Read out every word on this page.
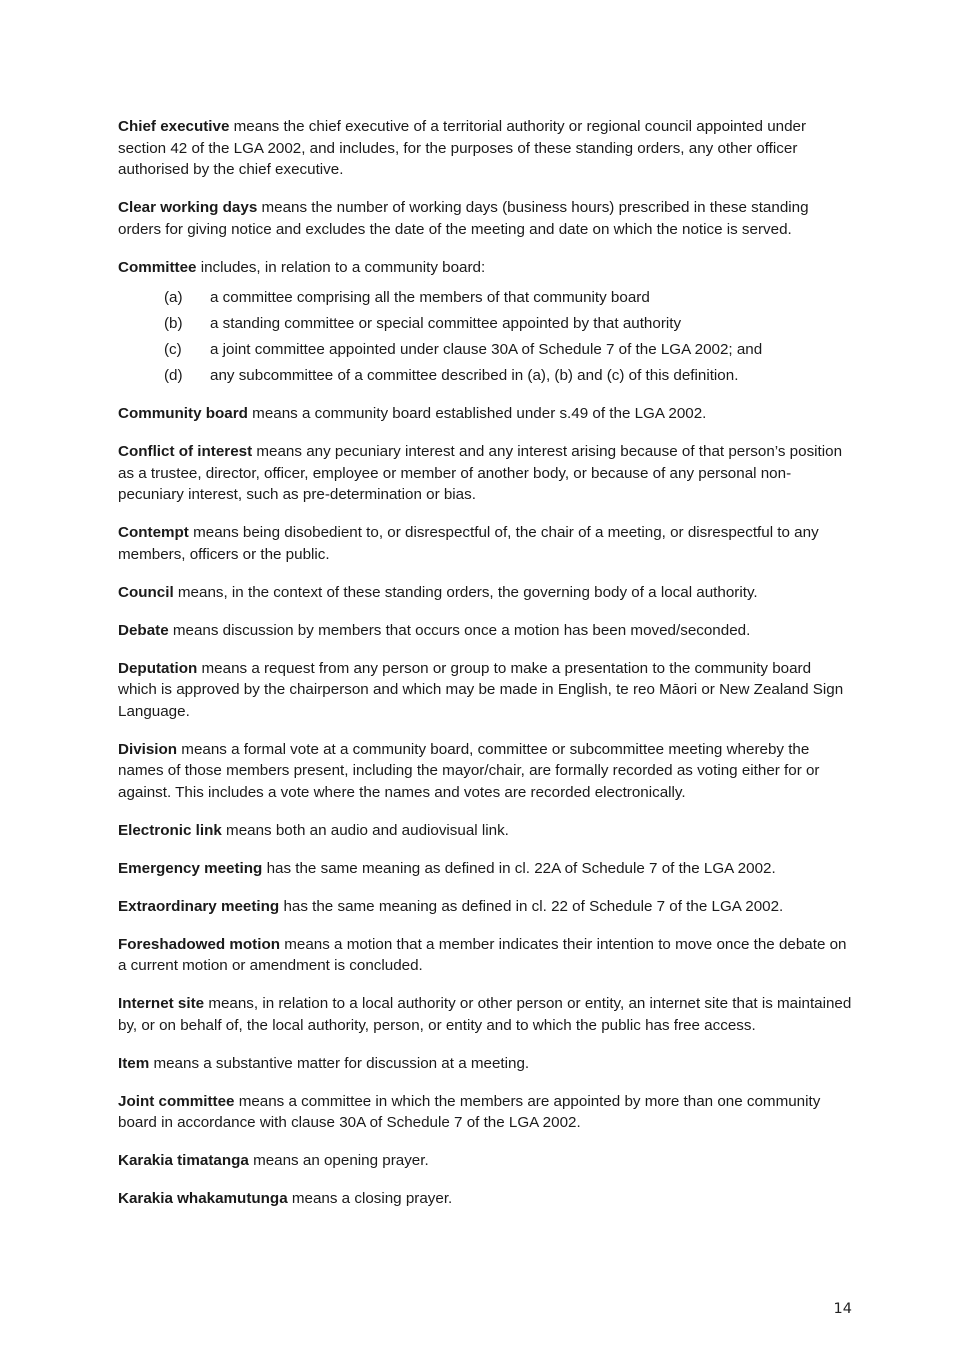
Chief executive means the chief executive of a territorial authority or regional council appointed under section 42 of the LGA 2002, and includes, for the purposes of these standing orders, any other officer authorised by the chief executive.

Clear working days means the number of working days (business hours) prescribed in these standing orders for giving notice and excludes the date of the meeting and date on which the notice is served.

Committee includes, in relation to a community board:

(a)	a committee comprising all the members of that community board
(b)	a standing committee or special committee appointed by that authority
(c)	a joint committee appointed under clause 30A of Schedule 7 of the LGA 2002; and
(d)	any subcommittee of a committee described in (a), (b) and (c) of this definition.

Community board means a community board established under s.49 of the LGA 2002.

Conflict of interest means any pecuniary interest and any interest arising because of that person’s position as a trustee, director, officer, employee or member of another body, or because of any personal non-pecuniary interest, such as pre-determination or bias.

Contempt means being disobedient to, or disrespectful of, the chair of a meeting, or disrespectful to any members, officers or the public.

Council means, in the context of these standing orders, the governing body of a local authority.

Debate means discussion by members that occurs once a motion has been moved/seconded.

Deputation means a request from any person or group to make a presentation to the community board which is approved by the chairperson and which may be made in English, te reo Māori or New Zealand Sign Language.

Division means a formal vote at a community board, committee or subcommittee meeting whereby the names of those members present, including the mayor/chair, are formally recorded as voting either for or against. This includes a vote where the names and votes are recorded electronically.

Electronic link means both an audio and audiovisual link.

Emergency meeting has the same meaning as defined in cl. 22A of Schedule 7 of the LGA 2002.

Extraordinary meeting has the same meaning as defined in cl. 22 of Schedule 7 of the LGA 2002.

Foreshadowed motion means a motion that a member indicates their intention to move once the debate on a current motion or amendment is concluded.

Internet site means, in relation to a local authority or other person or entity, an internet site that is maintained by, or on behalf of, the local authority, person, or entity and to which the public has free access.

Item means a substantive matter for discussion at a meeting.

Joint committee means a committee in which the members are appointed by more than one community board in accordance with clause 30A of Schedule 7 of the LGA 2002.

Karakia timatanga means an opening prayer.

Karakia whakamutunga means a closing prayer.

14
